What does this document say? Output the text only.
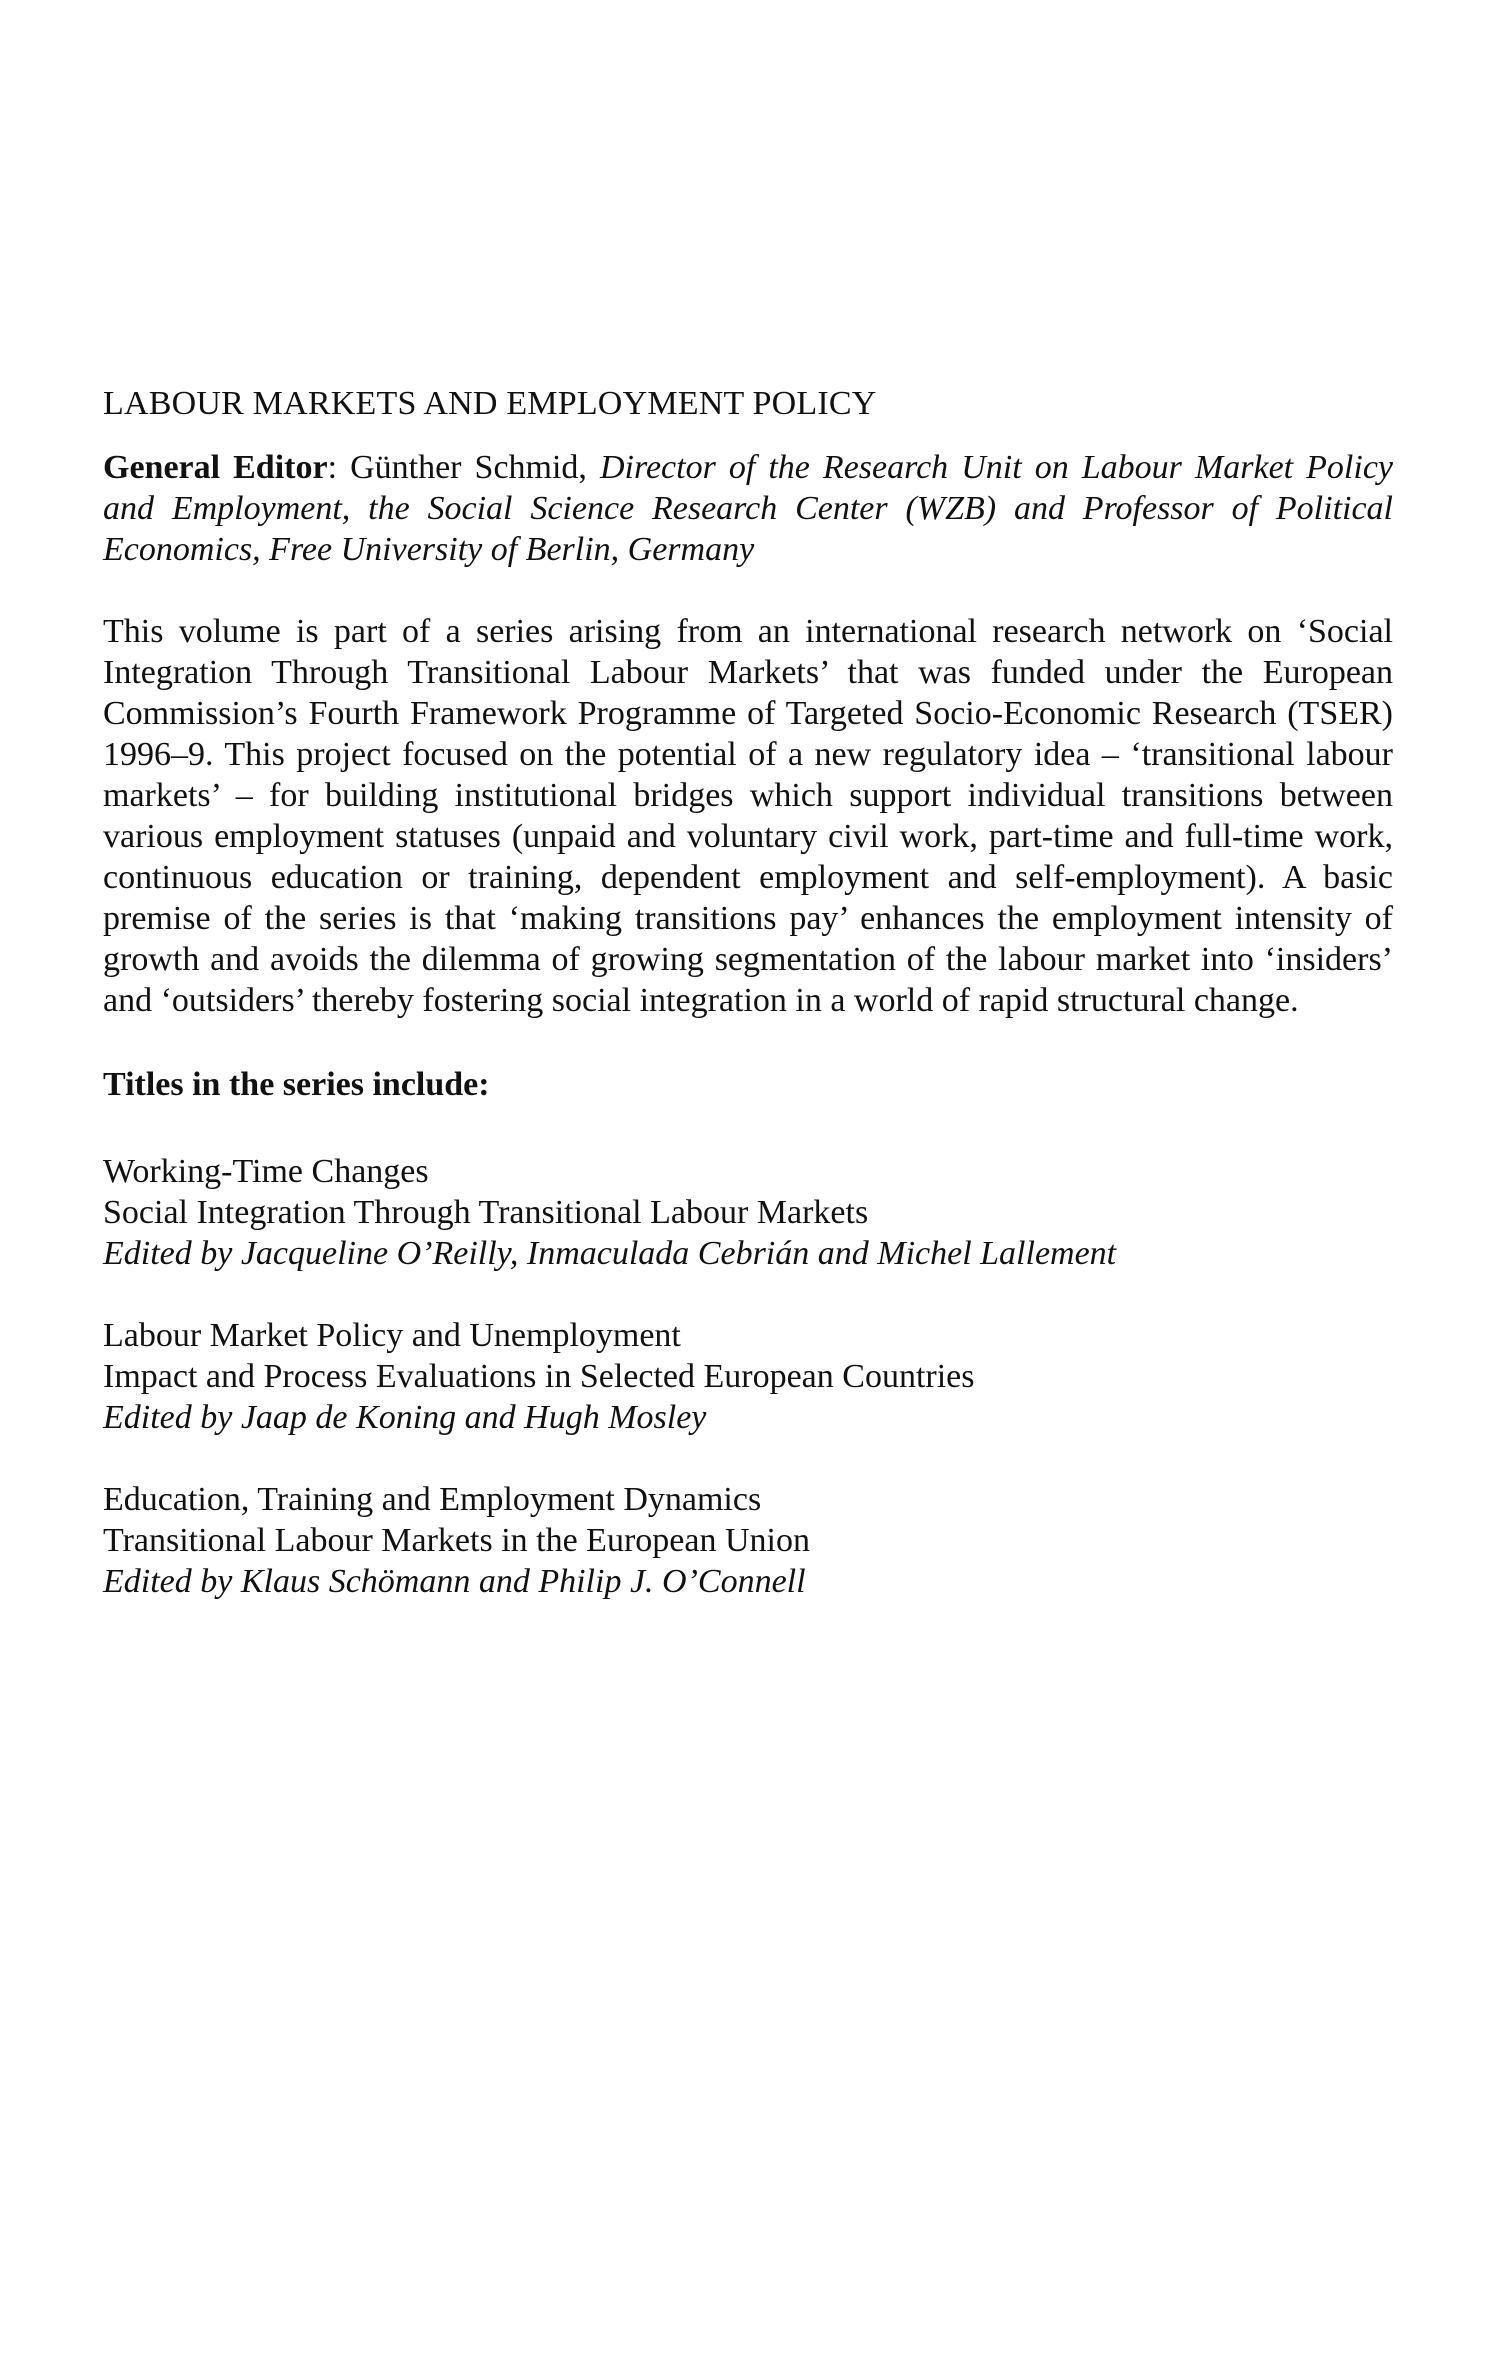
LABOUR MARKETS AND EMPLOYMENT POLICY

General Editor: Günther Schmid, Director of the Research Unit on Labour Market Policy and Employment, the Social Science Research Center (WZB) and Professor of Political Economics, Free University of Berlin, Germany

This volume is part of a series arising from an international research network on ‘Social Integration Through Transitional Labour Markets’ that was funded under the European Commission’s Fourth Framework Programme of Targeted Socio-Economic Research (TSER) 1996–9. This project focused on the potential of a new regulatory idea – ‘transitional labour markets’ – for building institutional bridges which support individual transitions between various employment statuses (unpaid and voluntary civil work, part-time and full-time work, continuous education or training, dependent employment and self-employment). A basic premise of the series is that ‘making transitions pay’ enhances the employment intensity of growth and avoids the dilemma of growing segmentation of the labour market into ‘insiders’ and ‘outsiders’ thereby fostering social integration in a world of rapid structural change.

Titles in the series include:
Working-Time Changes
Social Integration Through Transitional Labour Markets
Edited by Jacqueline O’Reilly, Inmaculada Cebrián and Michel Lallement
Labour Market Policy and Unemployment
Impact and Process Evaluations in Selected European Countries
Edited by Jaap de Koning and Hugh Mosley
Education, Training and Employment Dynamics
Transitional Labour Markets in the European Union
Edited by Klaus Schömann and Philip J. O’Connell
